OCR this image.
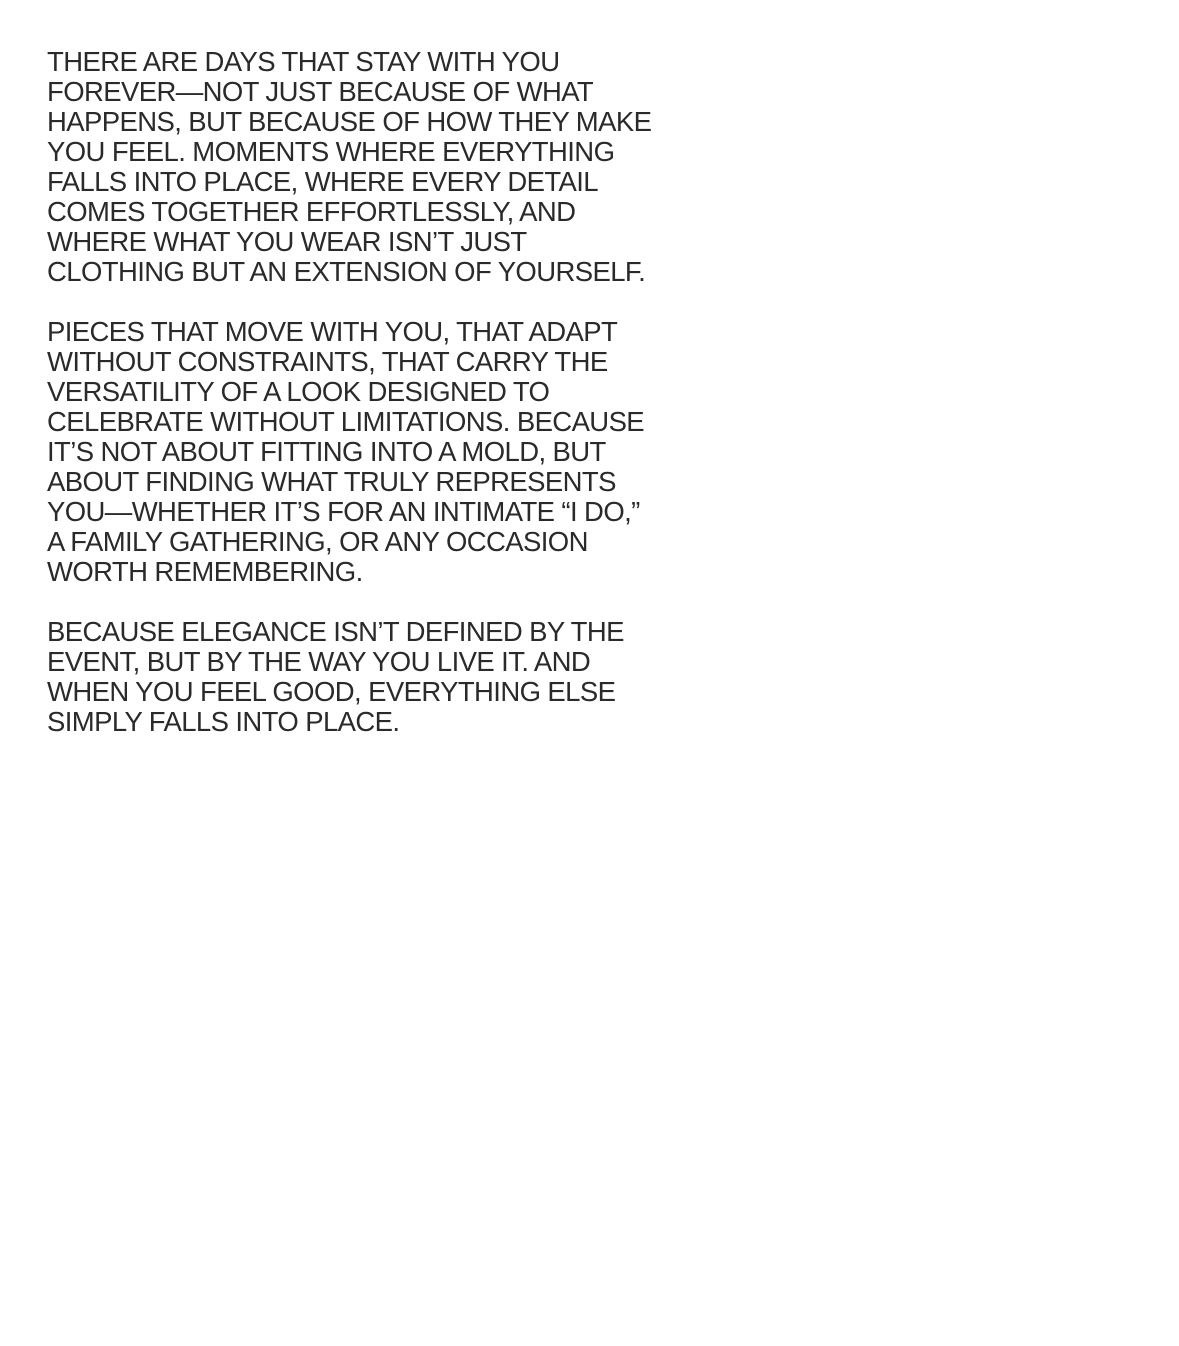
THERE ARE DAYS THAT STAY WITH YOU
FOREVER—NOT JUST BECAUSE OF WHAT
HAPPENS, BUT BECAUSE OF HOW THEY MAKE
YOU FEEL. MOMENTS WHERE EVERYTHING
FALLS INTO PLACE, WHERE EVERY DETAIL
COMES TOGETHER EFFORTLESSLY, AND
WHERE WHAT YOU WEAR ISN’T JUST
CLOTHING BUT AN EXTENSION OF YOURSELF.

PIECES THAT MOVE WITH YOU, THAT ADAPT
WITHOUT CONSTRAINTS, THAT CARRY THE
VERSATILITY OF A LOOK DESIGNED TO
CELEBRATE WITHOUT LIMITATIONS. BECAUSE
IT’S NOT ABOUT FITTING INTO A MOLD, BUT
ABOUT FINDING WHAT TRULY REPRESENTS
YOU—WHETHER IT’S FOR AN INTIMATE “I DO,”
A FAMILY GATHERING, OR ANY OCCASION
WORTH REMEMBERING.

BECAUSE ELEGANCE ISN’T DEFINED BY THE
EVENT, BUT BY THE WAY YOU LIVE IT. AND
WHEN YOU FEEL GOOD, EVERYTHING ELSE
SIMPLY FALLS INTO PLACE.
